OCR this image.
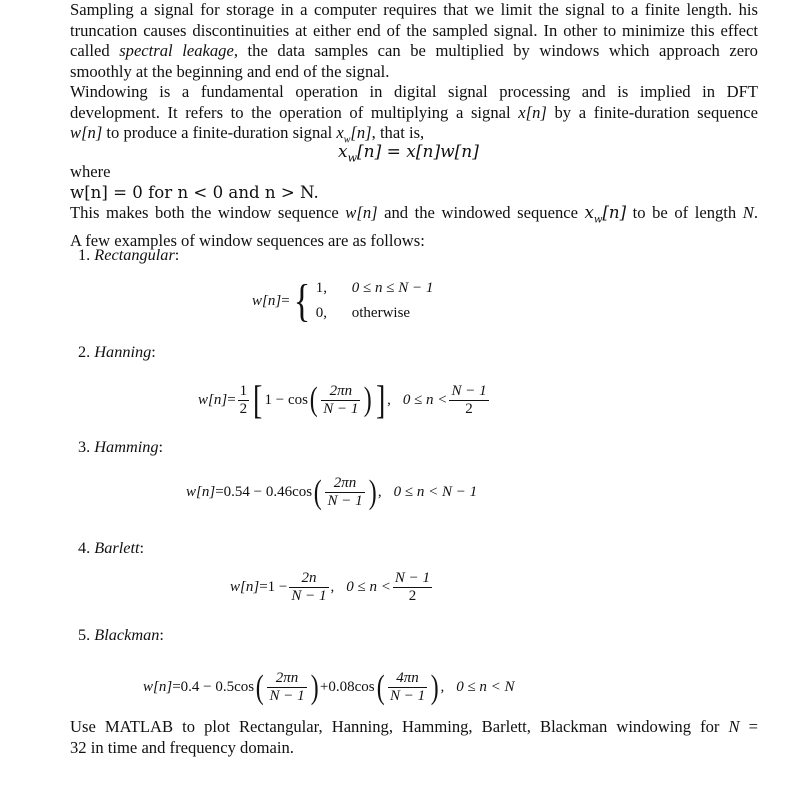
Sampling a signal for storage in a computer requires that we limit the signal to a finite length. his
truncation causes discontinuities at either end of the sampled signal. In other to minimize this effect
called spectral leakage, the data samples can be multiplied by windows which approach zero
smoothly at the beginning and end of the signal.
Windowing is a fundamental operation in digital signal processing and is implied in DFT
development. It refers to the operation of multiplying a signal x[n] by a finite-duration sequence
w[n] to produce a finite-duration signal $x_w[n]$, that is,
$x_w[n] = x[n]w[n]$
where
w[n] = 0 for n < 0 and n > N.
This makes both the window sequence w[n] and the windowed sequence $x_w[n]$ to be of length N.
A few examples of window sequences are as follows:
1. Rectangular:
w[n]={ 1, 0 ≤ n ≤ N − 1
0, otherwise
2. Hanning:
$w[n]= \frac{1}{2}$ [ $1 - \cos( \frac{2\pi n}{N - 1}$ )] , $0 \le n < \frac{N - 1}{2}$
3. Hamming:
$w[n]=0.54 - 0.46\cos( \frac{2\pi n}{N - 1}$ ) , 0 ≤ n < N − 1
4. Barlett:
$w[n]=1 - \frac{2n}{N - 1}$ , $0 \le n < \frac{N - 1}{2}$
5. Blackman:
$w[n]=0.4 - 0.5\cos( \frac{2\pi n}{N - 1}$ ) $+0.08\cos( \frac{4\pi n}{N - 1}$ ) , 0 ≤ n < N
Use MATLAB to plot Rectangular, Hanning, Hamming, Barlett, Blackman windowing for N =
32 in time and frequency domain.
